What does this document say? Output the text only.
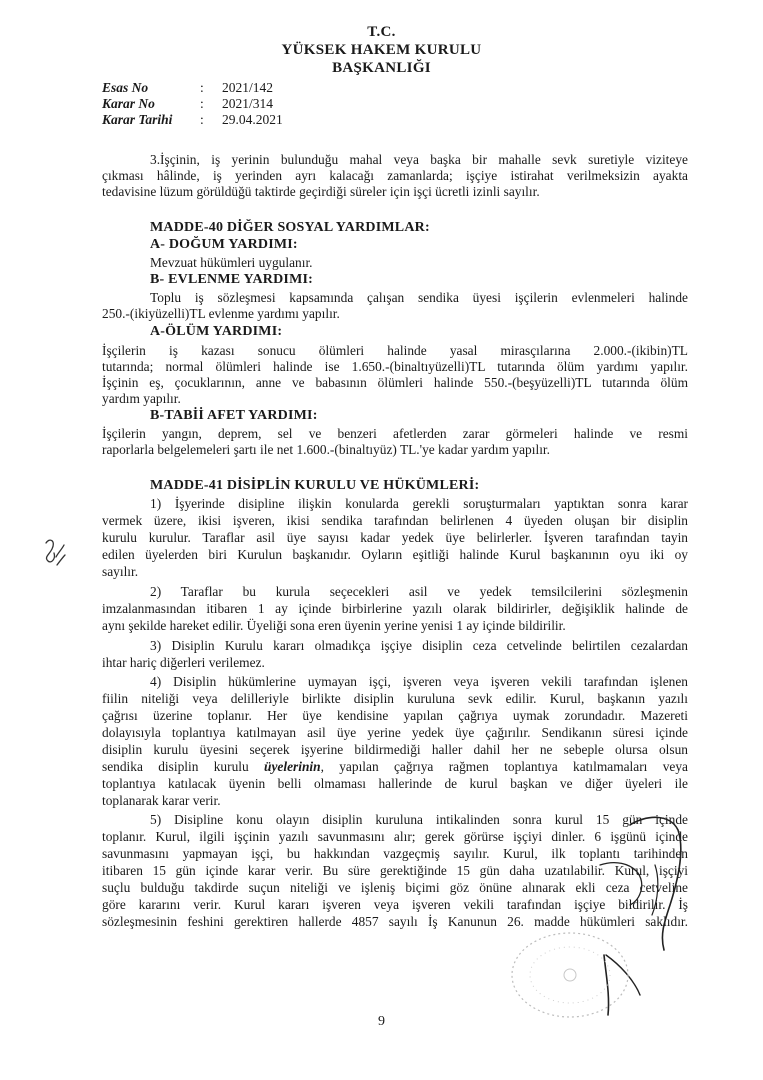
T.C.
YÜKSEK HAKEM KURULU
BAŞKANLIĞI
Esas No	: 2021/142
Karar No	: 2021/314
Karar Tarihi : 29.04.2021
3.İşçinin, iş yerinin bulunduğu mahal veya başka bir mahalle sevk suretiyle viziteye
çıkması hâlinde, iş yerinden ayrı kalacağı zamanlarda; işçiye istirahat verilmeksizin ayakta
tedavisine lüzum görüldüğü taktirde geçirdiği süreler için işçi ücretli izinli sayılır.
MADDE-40 DİĞER SOSYAL YARDIMLAR:
A- DOĞUM YARDIMI:
Mevzuat hükümleri uygulanır.
B- EVLENME YARDIMI:
Toplu iş sözleşmesi kapsamında çalışan sendika üyesi işçilerin evlenmeleri halinde
250.-(ikiyüzelli)TL evlenme yardımı yapılır.
A-ÖLÜM YARDIMI:
İşçilerin iş kazası sonucu ölümleri halinde yasal mirasçılarına 2.000.-(ikibin)TL
tutarında; normal ölümleri halinde ise 1.650.-(binaltıyüzelli)TL tutarında ölüm yardımı yapılır.
İşçinin eş, çocuklarının, anne ve babasının ölümleri halinde 550.-(beşyüzelli)TL tutarında ölüm
yardım yapılır.
B-TABİİ AFET YARDIMI:
İşçilerin yangın, deprem, sel ve benzeri afetlerden zarar görmeleri halinde ve resmi
raporlarla belgelemeleri şartı ile net 1.600.-(binaltıyüz) TL.'ye kadar yardım yapılır.
MADDE-41 DİSİPLİN KURULU VE HÜKÜMLERİ:
1) İşyerinde disipline ilişkin konularda gerekli soruşturmaları yaptıktan sonra karar
vermek üzere, ikisi işveren, ikisi sendika tarafından belirlenen 4 üyeden oluşan bir disiplin
kurulu kurulur. Taraflar asil üye sayısı kadar yedek üye belirlerler. İşveren tarafından tayin
edilen üyelerden biri Kurulun başkanıdır. Oyların eşitliği halinde Kurul başkanının oyu iki oy
sayılır.
2) Taraflar bu kurula seçecekleri asil ve yedek temsilcilerini sözleşmenin
imzalanmasından itibaren 1 ay içinde birbirlerine yazılı olarak bildirirler, değişiklik halinde de
aynı şekilde hareket edilir. Üyeliği sona eren üyenin yerine yenisi 1 ay içinde bildirilir.
3) Disiplin Kurulu kararı olmadıkça işçiye disiplin ceza cetvelinde belirtilen cezalardan
ihtar hariç diğerleri verilemez.
4) Disiplin hükümlerine uymayan işçi, işveren veya işveren vekili tarafından işlenen
fiilin niteliği veya delilleriyle birlikte disiplin kuruluna sevk edilir. Kurul, başkanın yazılı
çağrısı üzerine toplanır. Her üye kendisine yapılan çağrıya uymak zorundadır. Mazereti
dolayısıyla toplantıya katılmayan asil üye yerine yedek üye çağırılır. Sendikanın süresi içinde
disiplin kurulu üyesini seçerek işyerine bildirmediği haller dahil her ne sebeple olursa olsun
sendika disiplin kurulu üyelerinin, yapılan çağrıya rağmen toplantıya katılmamaları veya
toplantıya katılacak üyenin belli olmaması hallerinde de kurul başkan ve diğer üyeleri ile
toplanarak karar verir.
5) Disipline konu olayın disiplin kuruluna intikalinden sonra kurul 15 gün içinde
toplanır. Kurul, ilgili işçinin yazılı savunmasını alır; gerek görürse işçiyi dinler. 6 işgünü içinde
savunmasını yapmayan işçi, bu hakkından vazgeçmiş sayılır. Kurul, ilk toplantı tarihinden
itibaren 15 gün içinde karar verir. Bu süre gerektiğinde 15 gün daha uzatılabilir. Kurul, işçiyi
suçlu bulduğu takdirde suçun niteliği ve işleniş biçimi göz önüne alınarak ekli ceza cetveline
göre kararını verir. Kurul kararı işveren veya işveren vekili tarafından işçiye bildirilir. İş
sözleşmesinin feshini gerektiren hallerde 4857 sayılı İş Kanunun 26. madde hükümleri saklıdır.
9
